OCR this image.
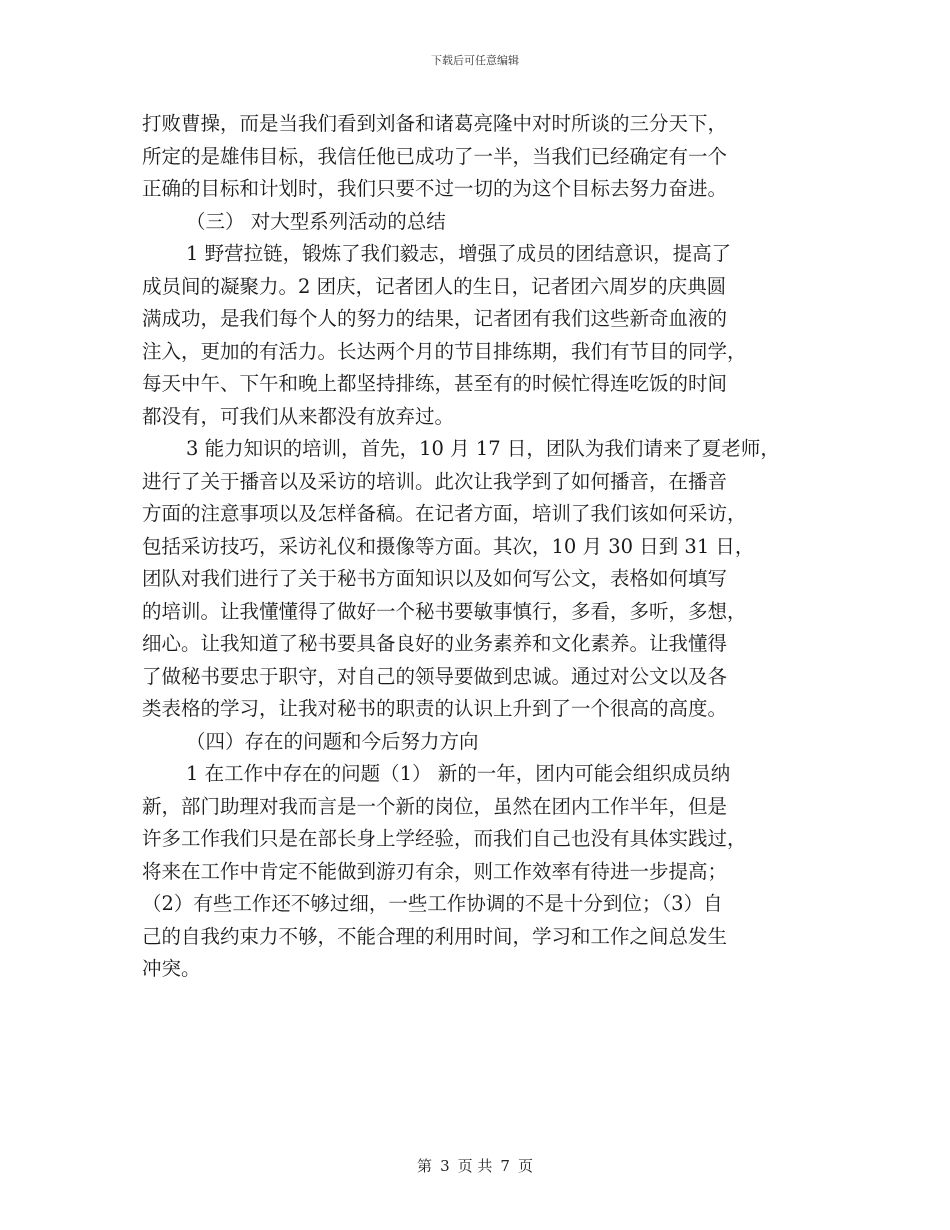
下载后可任意编辑
打败曹操，而是当我们看到刘备和诸葛亮隆中对时所谈的三分天下，
所定的是雄伟目标，我信任他已成功了一半，当我们已经确定有一个
正确的目标和计划时，我们只要不过一切的为这个目标去努力奋进。
（三） 对大型系列活动的总结
1 野营拉链，锻炼了我们毅志，增强了成员的团结意识，提高了
成员间的凝聚力。2 团庆，记者团人的生日，记者团六周岁的庆典圆
满成功，是我们每个人的努力的结果，记者团有我们这些新奇血液的
注入，更加的有活力。长达两个月的节目排练期，我们有节目的同学，
每天中午、下午和晚上都坚持排练，甚至有的时候忙得连吃饭的时间
都没有，可我们从来都没有放弃过。
3 能力知识的培训，首先，10 月 17 日，团队为我们请来了夏老师，
进行了关于播音以及采访的培训。此次让我学到了如何播音，在播音
方面的注意事项以及怎样备稿。在记者方面，培训了我们该如何采访，
包括采访技巧，采访礼仪和摄像等方面。其次，10 月 30 日到 31 日，
团队对我们进行了关于秘书方面知识以及如何写公文，表格如何填写
的培训。让我懂懂得了做好一个秘书要敏事慎行，多看，多听，多想，
细心。让我知道了秘书要具备良好的业务素养和文化素养。让我懂得
了做秘书要忠于职守，对自己的领导要做到忠诚。通过对公文以及各
类表格的学习，让我对秘书的职责的认识上升到了一个很高的高度。
（四）存在的问题和今后努力方向
1 在工作中存在的问题（1） 新的一年，团内可能会组织成员纳
新，部门助理对我而言是一个新的岗位，虽然在团内工作半年，但是
许多工作我们只是在部长身上学经验，而我们自己也没有具体实践过，
将来在工作中肯定不能做到游刃有余，则工作效率有待进一步提高；
（2）有些工作还不够过细，一些工作协调的不是十分到位；（3）自
己的自我约束力不够，不能合理的利用时间，学习和工作之间总发生
冲突。
第 3 页 共 7 页
